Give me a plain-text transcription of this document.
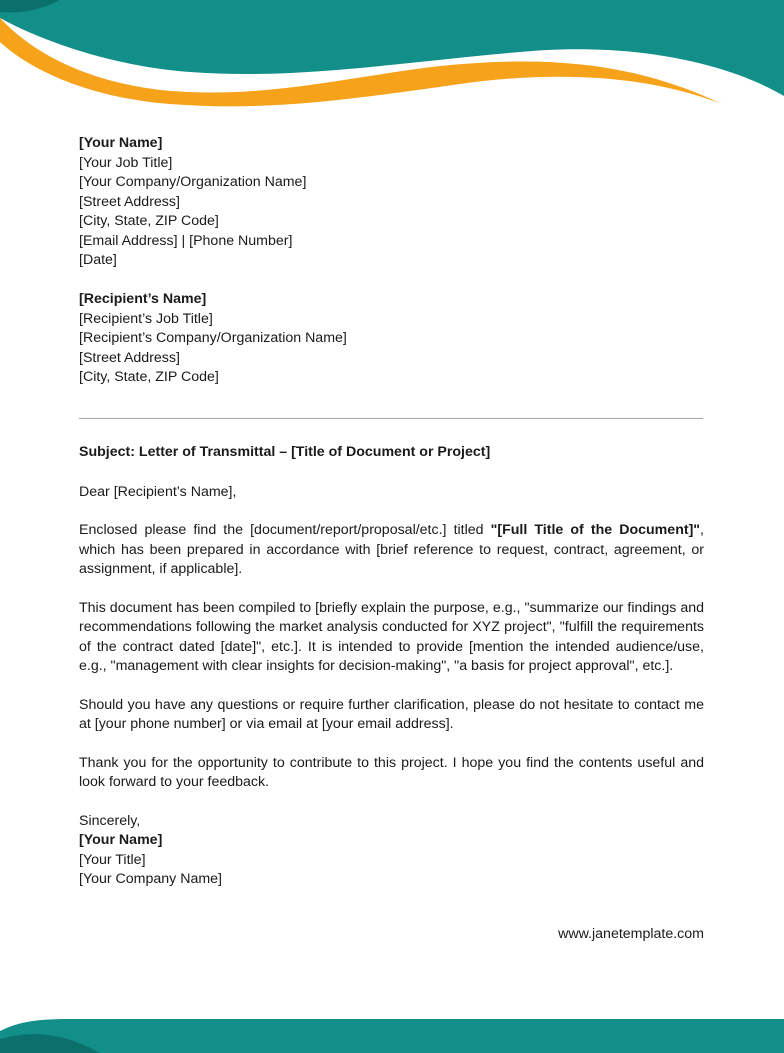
[Your Name]
[Your Job Title]
[Your Company/Organization Name]
[Street Address]
[City, State, ZIP Code]
[Email Address] | [Phone Number]
[Date]
[Recipient’s Name]
[Recipient’s Job Title]
[Recipient’s Company/Organization Name]
[Street Address]
[City, State, ZIP Code]

Subject: Letter of Transmittal – [Title of Document or Project]

Dear [Recipient’s Name],

Enclosed please find the [document/report/proposal/etc.] titled "[Full Title of the Document]", which has been prepared in accordance with [brief reference to request, contract, agreement, or assignment, if applicable].

This document has been compiled to [briefly explain the purpose, e.g., "summarize our findings and recommendations following the market analysis conducted for XYZ project", "fulfill the requirements of the contract dated [date]", etc.]. It is intended to provide [mention the intended audience/use, e.g., "management with clear insights for decision-making", "a basis for project approval", etc.].

Should you have any questions or require further clarification, please do not hesitate to contact me at [your phone number] or via email at [your email address].

Thank you for the opportunity to contribute to this project. I hope you find the contents useful and look forward to your feedback.

Sincerely,
[Your Name]
[Your Title]
[Your Company Name]
www.janetemplate.com
